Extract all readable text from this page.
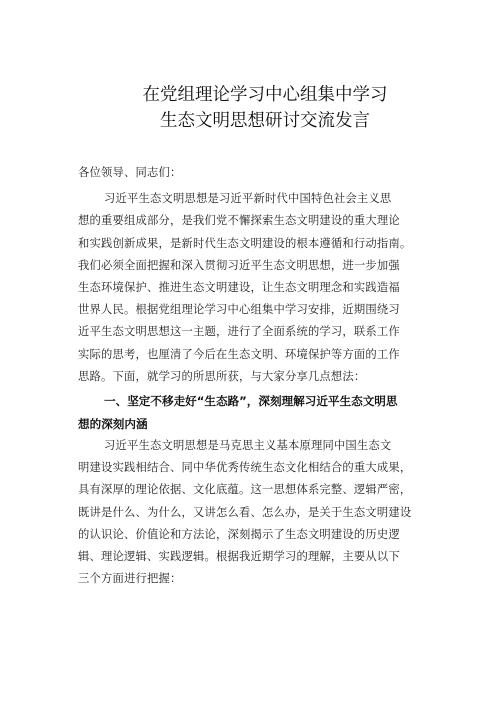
在党组理论学习中心组集中学习
生态文明思想研讨交流发言

各位领导、同志们：

习近平生态文明思想是习近平新时代中国特色社会主义思
想的重要组成部分，是我们党不懈探索生态文明建设的重大理论
和实践创新成果，是新时代生态文明建设的根本遵循和行动指南。
我们必须全面把握和深入贯彻习近平生态文明思想，进一步加强
生态环境保护、推进生态文明建设，让生态文明理念和实践造福
世界人民。根据党组理论学习中心组集中学习安排，近期围绕习
近平生态文明思想这一主题，进行了全面系统的学习，联系工作
实际的思考，也厘清了今后在生态文明、环境保护等方面的工作
思路。下面，就学习的所思所获，与大家分享几点想法：
一、坚定不移走好“生态路”，深刻理解习近平生态文明思
想的深刻内涵
习近平生态文明思想是马克思主义基本原理同中国生态文
明建设实践相结合、同中华优秀传统生态文化相结合的重大成果，
具有深厚的理论依据、文化底蕴。这一思想体系完整、逻辑严密，
既讲是什么、为什么，又讲怎么看、怎么办，是关于生态文明建设
的认识论、价值论和方法论，深刻揭示了生态文明建设的历史逻
辑、理论逻辑、实践逻辑。根据我近期学习的理解，主要从以下
三个方面进行把握：
